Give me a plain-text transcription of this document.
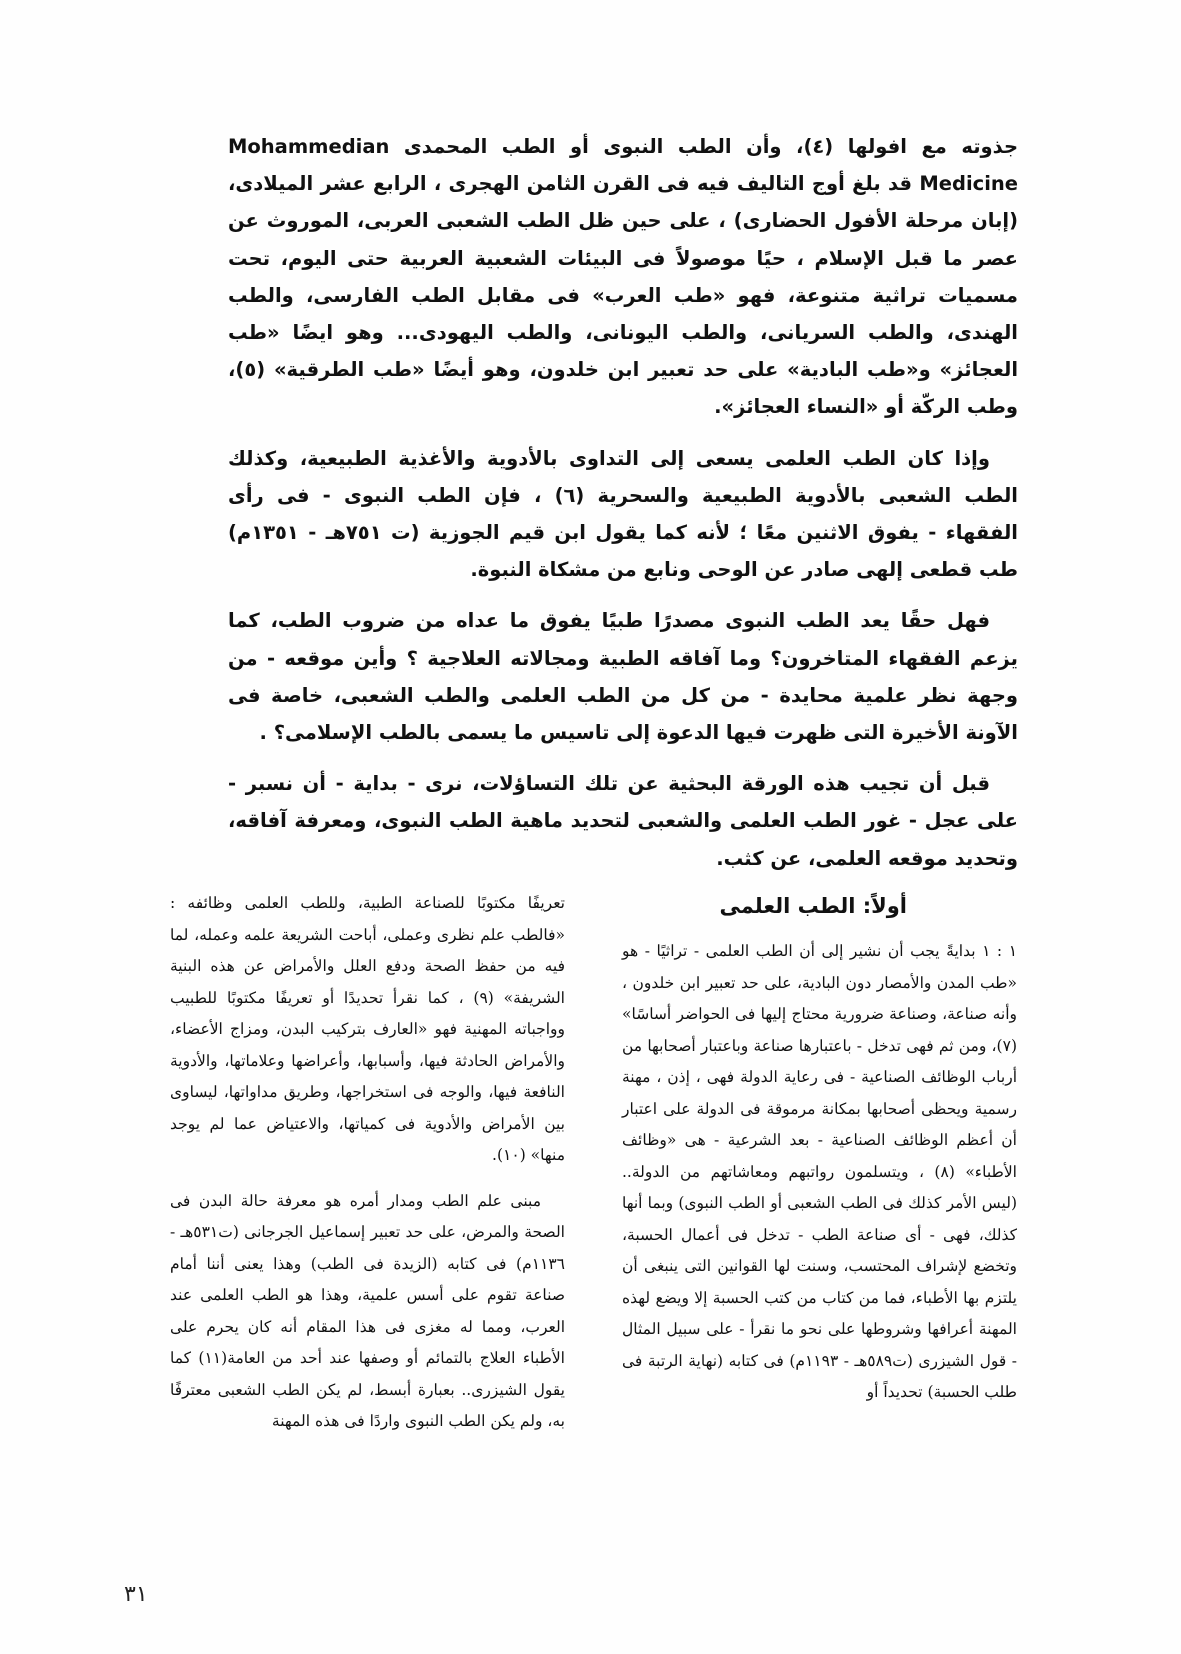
جذوته مع افولها (٤)، وأن الطب النبوى أو الطب المحمدى Mohammedian Medicine قد بلغ أوج التاليف فيه فى القرن الثامن الهجرى ، الرابع عشر الميلادى، (إبان مرحلة الأفول الحضارى) ، على حين ظل الطب الشعبى العربى، الموروث عن عصر ما قبل الإسلام ، حيًا موصولاً فى البيئات الشعبية العربية حتى اليوم، تحت مسميات تراثية متنوعة، فهو «طب العرب» فى مقابل الطب الفارسى، والطب الهندى، والطب السريانى، والطب اليونانى، والطب اليهودى... وهو ايضًا «طب العجائز» و«طب البادية» على حد تعبير ابن خلدون، وهو أيضًا «طب الطرقية» (٥)، وطب الركّة أو «النساء العجائز».

وإذا كان الطب العلمى يسعى إلى التداوى بالأدوية والأغذية الطبيعية، وكذلك الطب الشعبى بالأدوية الطبيعية والسحرية (٦) ، فإن الطب النبوى - فى رأى الفقهاء - يفوق الاثنين معًا ؛ لأنه كما يقول ابن قيم الجوزية (ت ٧٥١هـ - ١٣٥١م) طب قطعى إلهى صادر عن الوحى ونابع من مشكاة النبوة.

فهل حقًا يعد الطب النبوى مصدرًا طبيًا يفوق ما عداه من ضروب الطب، كما يزعم الفقهاء المتاخرون؟ وما آفاقه الطبية ومجالاته العلاجية ؟ وأين موقعه - من وجهة نظر علمية محايدة - من كل من الطب العلمى والطب الشعبى، خاصة فى الآونة الأخيرة التى ظهرت فيها الدعوة إلى تاسيس ما يسمى بالطب الإسلامى؟ .

قبل أن تجيب هذه الورقة البحثية عن تلك التساؤلات، نرى - بداية - أن نسبر - على عجل - غور الطب العلمى والشعبى لتحديد ماهية الطب النبوى، ومعرفة آفاقه، وتحديد موقعه العلمى، عن كثب.

أولاً: الطب العلمى

١ : ١ بدايةً يجب أن نشير إلى أن الطب العلمى - تراثيًا - هو «طب المدن والأمصار دون البادية، على حد تعبير ابن خلدون ، وأنه صناعة، وصناعة ضرورية محتاج إليها فى الحواضر أساسًا» (٧)، ومن ثم فهى تدخل - باعتبارها صناعة وباعتبار أصحابها من أرباب الوظائف الصناعية - فى رعاية الدولة فهى ، إذن ، مهنة رسمية ويحظى أصحابها بمكانة مرموقة فى الدولة على اعتبار أن أعظم الوظائف الصناعية - بعد الشرعية - هى «وظائف الأطباء» (٨) ، ويتسلمون رواتبهم ومعاشاتهم من الدولة.. (ليس الأمر كذلك فى الطب الشعبى أو الطب النبوى) وبما أنها كذلك، فهى - أى صناعة الطب - تدخل فى أعمال الحسبة، وتخضع لإشراف المحتسب، وسنت لها القوانين التى ينبغى أن يلتزم بها الأطباء، فما من كتاب من كتب الحسبة إلا ويضع لهذه المهنة أعرافها وشروطها على نحو ما نقرأ - على سبيل المثال - قول الشيزرى (ت٥٨٩هـ - ١١٩٣م) فى كتابه (نهاية الرتبة فى طلب الحسبة) تحديداً أو

تعريفًا مكتوبًا للصناعة الطبية، وللطب العلمى وظائفه : «فالطب علم نظرى وعملى، أباحت الشريعة علمه وعمله، لما فيه من حفظ الصحة ودفع العلل والأمراض عن هذه البنية الشريفة» (٩) ، كما نقرأ تحديدًا أو تعريفًا مكتوبًا للطبيب وواجباته المهنية فهو «العارف بتركيب البدن، ومزاج الأعضاء، والأمراض الحادثة فيها، وأسبابها، وأعراضها وعلاماتها، والأدوية النافعة فيها، والوجه فى استخراجها، وطريق مداواتها، ليساوى بين الأمراض والأدوية فى كمياتها، والاعتياض عما لم يوجد منها» (١٠).

مبنى علم الطب ومدار أمره هو معرفة حالة البدن فى الصحة والمرض، على حد تعبير إسماعيل الجرجانى (ت٥٣١هـ - ١١٣٦م) فى كتابه (الزيدة فى الطب) وهذا يعنى أننا أمام صناعة تقوم على أسس علمية، وهذا هو الطب العلمى عند العرب، ومما له مغزى فى هذا المقام أنه كان يحرم على الأطباء العلاج بالتمائم أو وصفها عند أحد من العامة(١١) كما يقول الشيزرى.. بعبارة أبسط، لم يكن الطب الشعبى معترفًا به، ولم يكن الطب النبوى واردًا فى هذه المهنة

٣١
